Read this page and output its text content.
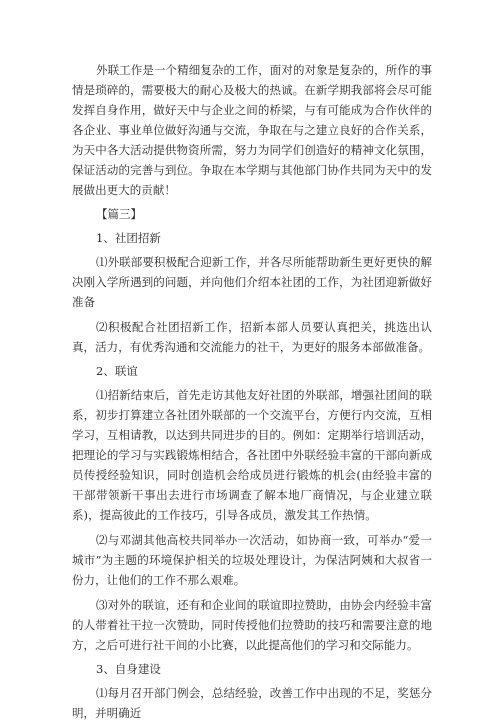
外联工作是一个精细复杂的工作，面对的对象是复杂的，所作的事情是琐碎的，需要极大的耐心及极大的热诚。在新学期我部将会尽可能发挥自身作用，做好天中与企业之间的桥梁，与有可能成为合作伙伴的各企业、事业单位做好沟通与交流，争取在与之建立良好的合作关系，为天中各大活动提供物资所需，努力为同学们创造好的精神文化氛围，保证活动的完善与到位。争取在本学期与其他部门协作共同为天中的发展做出更大的贡献！

【篇三】

1、社团招新

⑴外联部要积极配合迎新工作，并各尽所能帮助新生更好更快的解决刚入学所遇到的问题，并向他们介绍本社团的工作，为社团迎新做好准备

⑵积极配合社团招新工作，招新本部人员要认真把关，挑选出认真，活力，有优秀沟通和交流能力的社干，为更好的服务本部做准备。

2、联谊

⑴招新结束后，首先走访其他友好社团的外联部，增强社团间的联系，初步打算建立各社团外联部的一个交流平台，方便行内交流，互相学习，互相请教，以达到共同进步的目的。例如：定期举行培训活动，把理论的学习与实践锻炼相结合，各社团中外联经验丰富的干部向新成员传授经验知识，同时创造机会给成员进行锻炼的机会(由经验丰富的干部带领新干事出去进行市场调查了解本地厂商情况，与企业建立联系)，提高彼此的工作技巧，引导各成员，激发其工作热情。

⑵与邓湖其他高校共同举办一次活动，如协商一致，可举办“爱一城市”为主题的环境保护相关的垃圾处理设计，为保洁阿姨和大叔省一份力，让他们的工作不那么艰难。

⑶对外的联谊，还有和企业间的联谊即拉赞助，由协会内经验丰富的人带着社干拉一次赞助，同时传授他们拉赞助的技巧和需要注意的地方，之后可进行社干间的小比赛，以此提高他们的学习和交际能力。

3、自身建设

⑴每月召开部门例会，总结经验，改善工作中出现的不足，奖惩分明，并明确近
